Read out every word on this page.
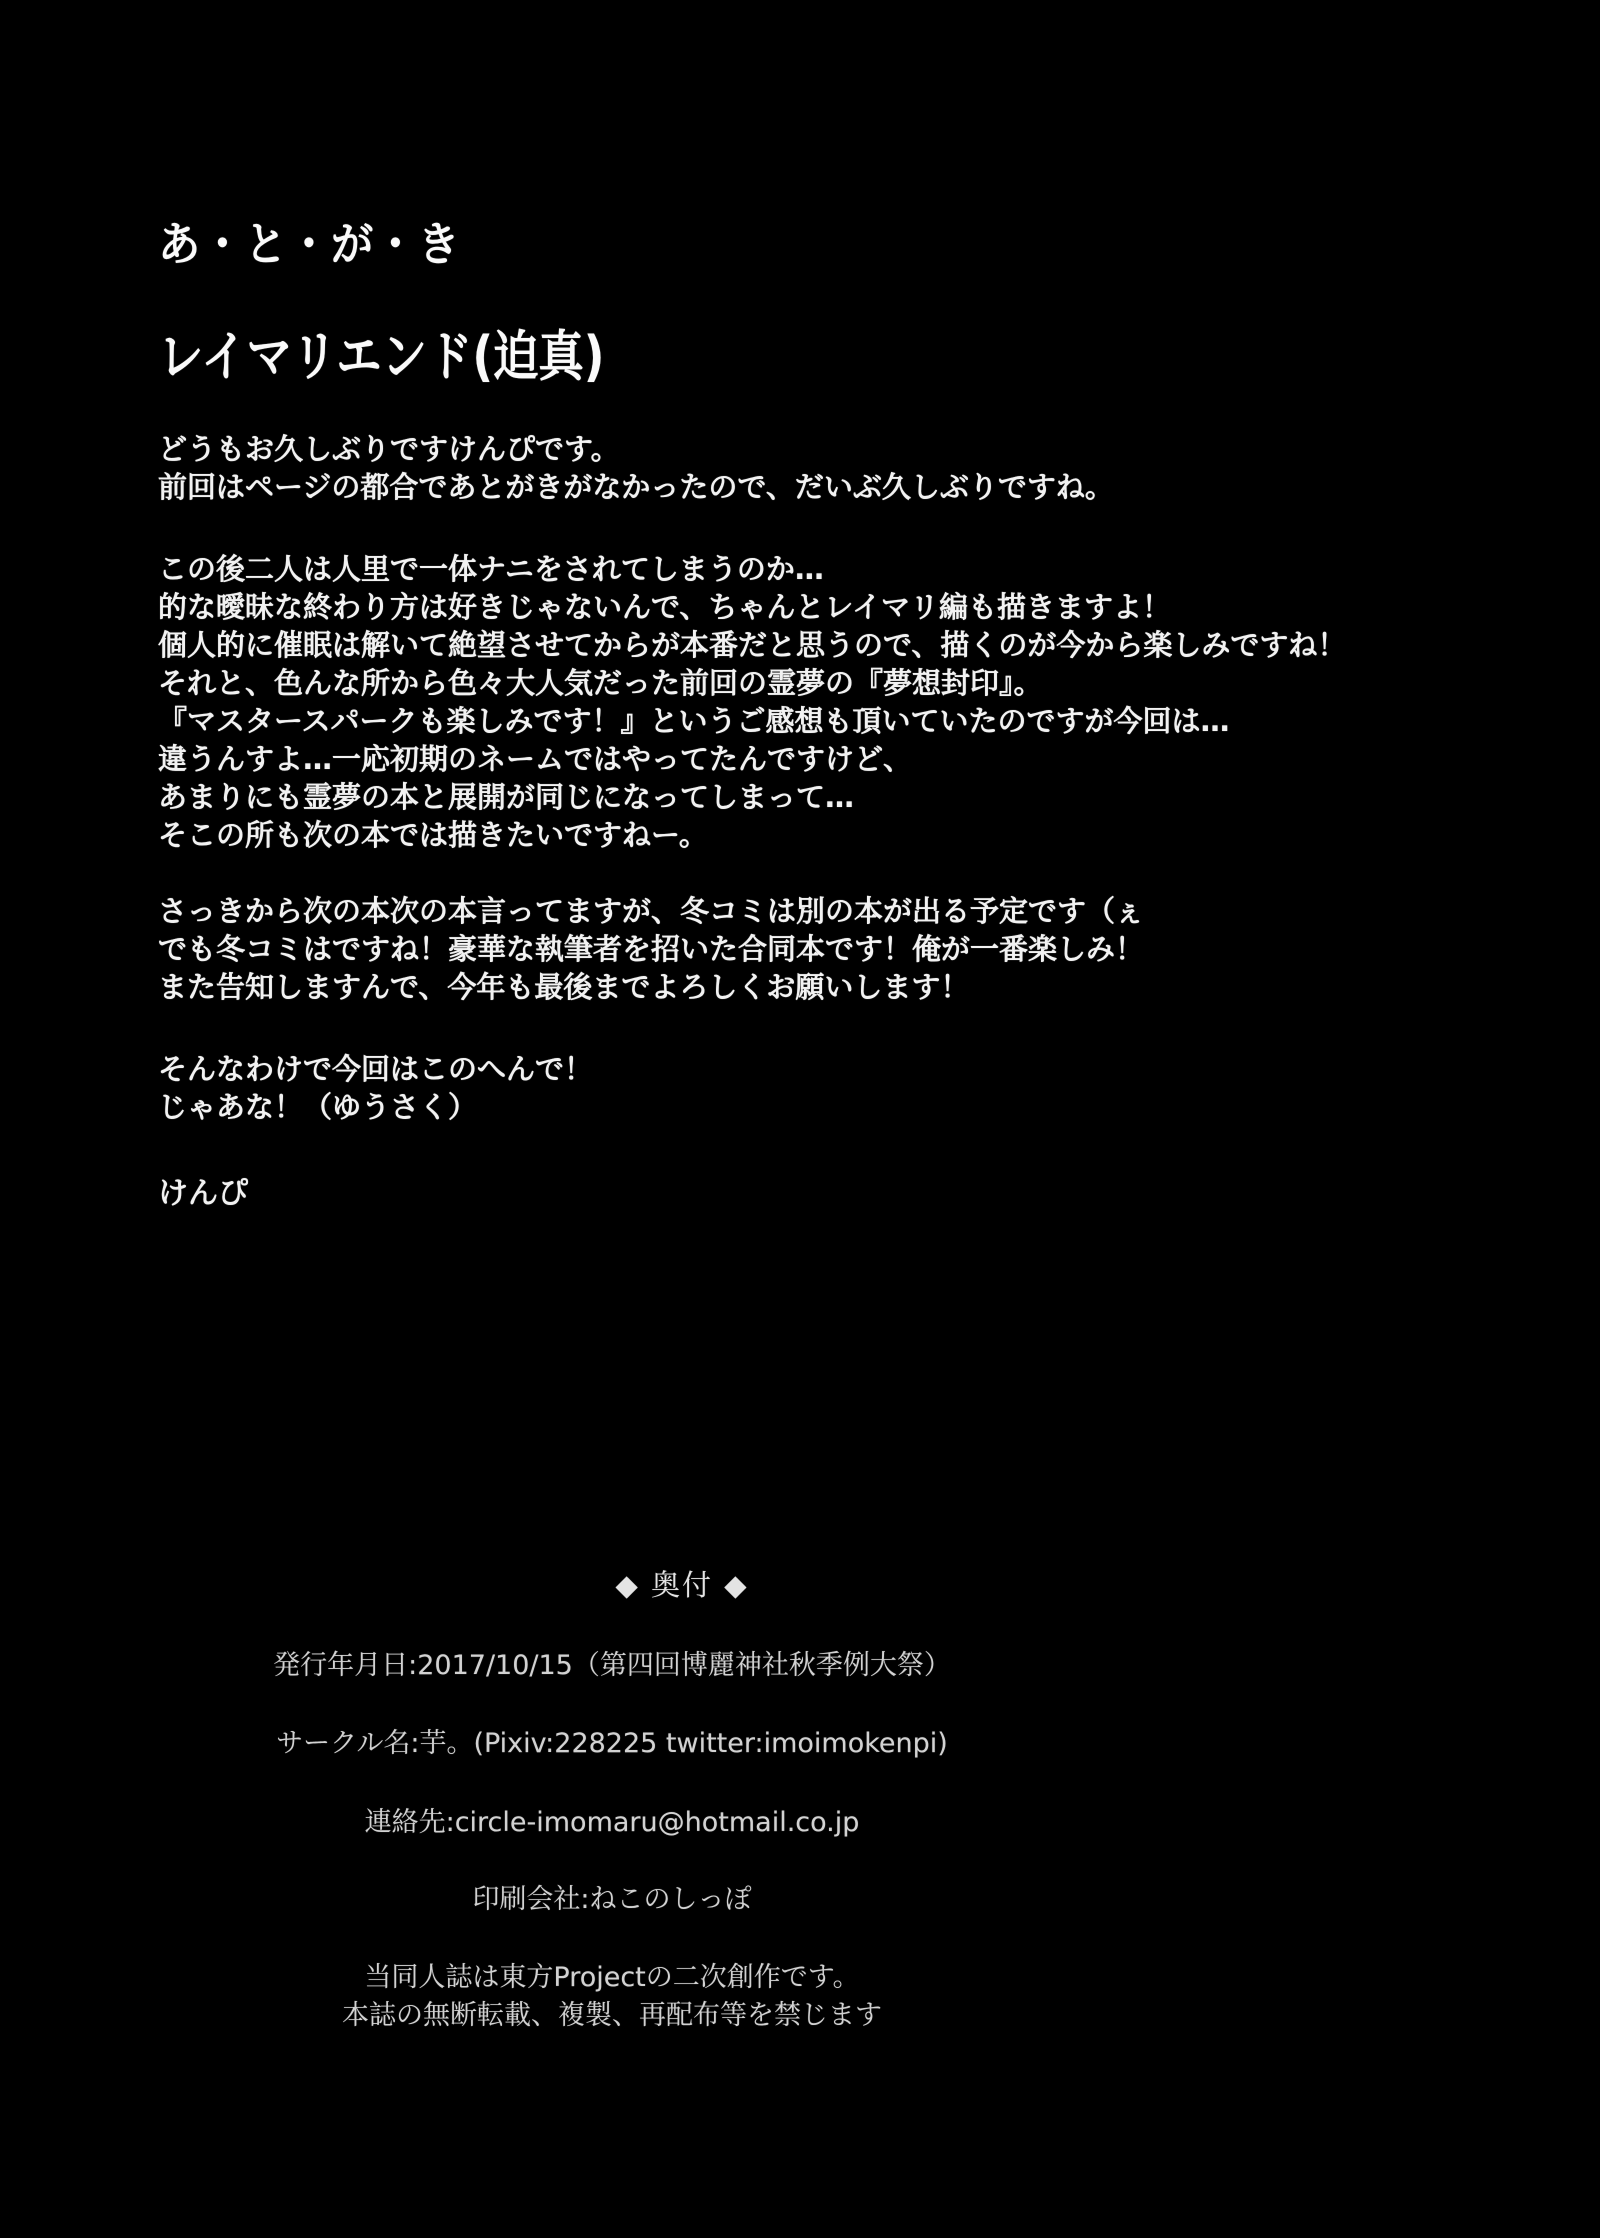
あ・と・が・き
レイマリエンド(迫真)
どうもお久しぶりですけんぴです。
前回はページの都合であとがきがなかったので、だいぶ久しぶりですね。
この後二人は人里で一体ナニをされてしまうのか…
的な曖昧な終わり方は好きじゃないんで、ちゃんとレイマリ編も描きますよ！
個人的に催眠は解いて絶望させてからが本番だと思うので、描くのが今から楽しみですね！
それと、色んな所から色々大人気だった前回の霊夢の『夢想封印』。
『マスタースパークも楽しみです！』というご感想も頂いていたのですが今回は…
違うんすよ…一応初期のネームではやってたんですけど、
あまりにも霊夢の本と展開が同じになってしまって…
そこの所も次の本では描きたいですねー。
さっきから次の本次の本言ってますが、冬コミは別の本が出る予定です（ぇ
でも冬コミはですね！豪華な執筆者を招いた合同本です！俺が一番楽しみ！
また告知しますんで、今年も最後までよろしくお願いします！
そんなわけで今回はこのへんで！
じゃあな！（ゆうさく）
けんぴ
◆ 奥付 ◆
発行年月日:2017/10/15（第四回博麗神社秋季例大祭）
サークル名:芋。(Pixiv:228225 twitter:imoimokenpi)
連絡先:circle-imomaru@hotmail.co.jp
印刷会社:ねこのしっぽ
当同人誌は東方Projectの二次創作です。
本誌の無断転載、複製、再配布等を禁じます
